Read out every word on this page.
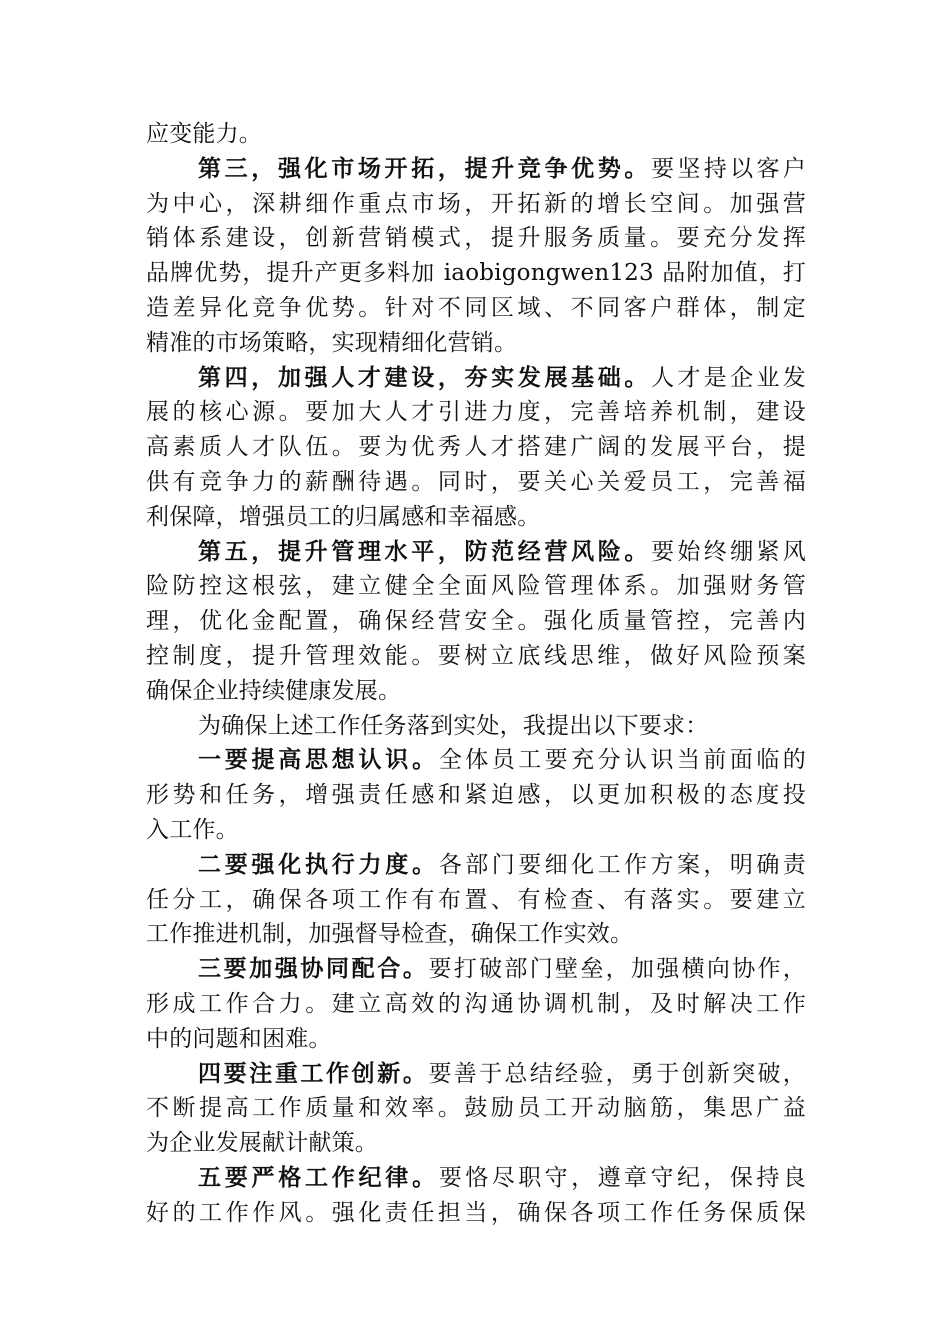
应变能力。
第三，强化市场开拓，提升竞争优势。要坚持以客户
为中心，深耕细作重点市场，开拓新的增长空间。加强营
销体系建设，创新营销模式，提升服务质量。要充分发挥
品牌优势，提升产更多料加 iaobigongwen123 品附加值，打
造差异化竞争优势。针对不同区域、不同客户群体，制定
精准的市场策略，实现精细化营销。
第四，加强人才建设，夯实发展基础。人才是企业发
展的核心源。要加大人才引进力度，完善培养机制，建设
高素质人才队伍。要为优秀人才搭建广阔的发展平台，提
供有竞争力的薪酬待遇。同时，要关心关爱员工，完善福
利保障，增强员工的归属感和幸福感。
第五，提升管理水平，防范经营风险。要始终绷紧风
险防控这根弦，建立健全全面风险管理体系。加强财务管
理，优化金配置，确保经营安全。强化质量管控，完善内
控制度，提升管理效能。要树立底线思维，做好风险预案
确保企业持续健康发展。
为确保上述工作任务落到实处，我提出以下要求：
一要提高思想认识。全体员工要充分认识当前面临的
形势和任务，增强责任感和紧迫感，以更加积极的态度投
入工作。
二要强化执行力度。各部门要细化工作方案，明确责
任分工，确保各项工作有布置、有检查、有落实。要建立
工作推进机制，加强督导检查，确保工作实效。
三要加强协同配合。要打破部门壁垒，加强横向协作，
形成工作合力。建立高效的沟通协调机制，及时解决工作
中的问题和困难。
四要注重工作创新。要善于总结经验，勇于创新突破，
不断提高工作质量和效率。鼓励员工开动脑筋，集思广益
为企业发展献计献策。
五要严格工作纪律。要恪尽职守，遵章守纪，保持良
好的工作作风。强化责任担当，确保各项工作任务保质保
